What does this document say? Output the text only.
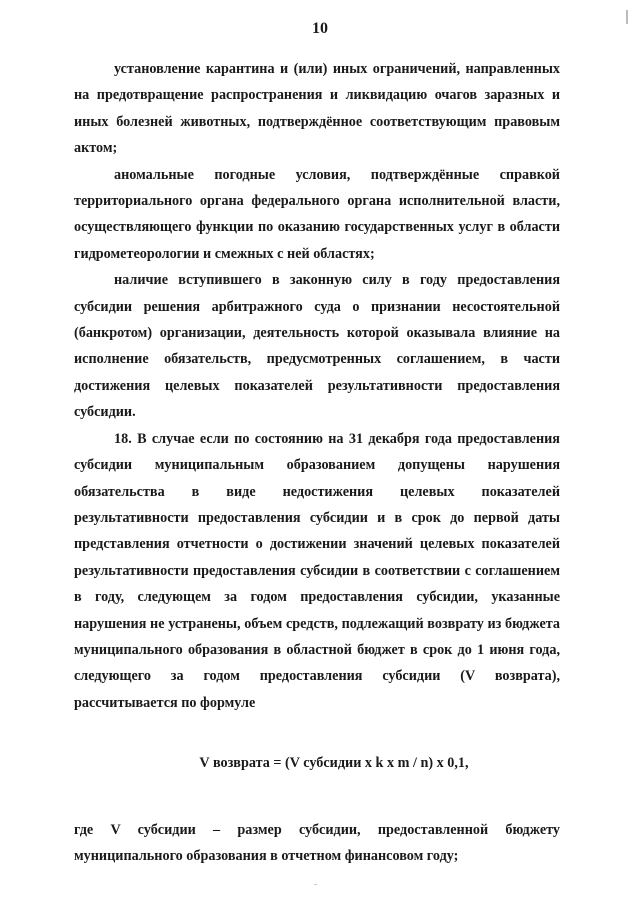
10

установление карантина и (или) иных ограничений, направленных на предотвращение распространения и ликвидацию очагов заразных и иных болезней животных, подтверждённое соответствующим правовым актом;

аномальные погодные условия, подтверждённые справкой территориального органа федерального органа исполнительной власти, осуществляющего функции по оказанию государственных услуг в области гидрометеорологии и смежных с ней областях;

наличие вступившего в законную силу в году предоставления субсидии решения арбитражного суда о признании несостоятельной (банкротом) организации, деятельность которой оказывала влияние на исполнение обязательств, предусмотренных соглашением, в части достижения целевых показателей результативности предоставления субсидии.

18. В случае если по состоянию на 31 декабря года предоставления субсидии муниципальным образованием допущены нарушения обязательства в виде недостижения целевых показателей результативности предоставления субсидии и в срок до первой даты представления отчетности о достижении значений целевых показателей результативности предоставления субсидии в соответствии с соглашением в году, следующем за годом предоставления субсидии, указанные нарушения не устранены, объем средств, подлежащий возврату из бюджета муниципального образования в областной бюджет в срок до 1 июня года, следующего за годом предоставления субсидии (V возврата), рассчитывается по формуле

V возврата = (V субсидии x k x m / n) x 0,1,

где V субсидии – размер субсидии, предоставленной бюджету муниципального образования в отчетном финансовом году;
